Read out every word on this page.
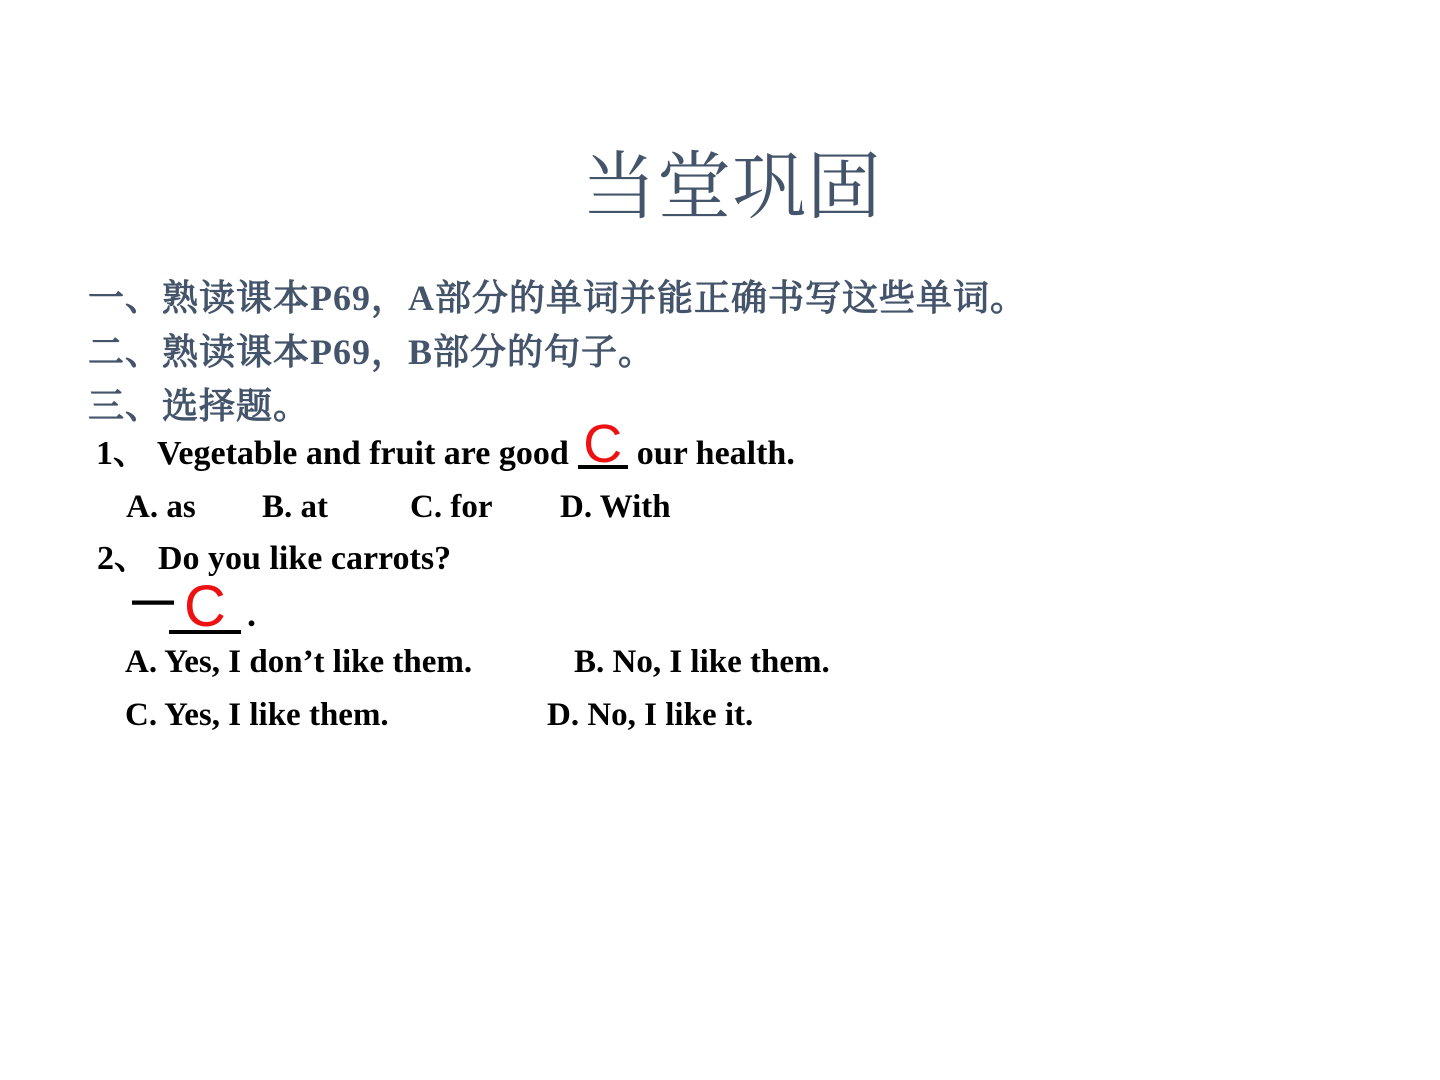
当堂巩固
一、熟读课本P69，A部分的单词并能正确书写这些单词。
二、熟读课本P69，B部分的句子。
三、选择题。
1、 Vegetable and fruit are good C our health.
A. as B. at C. for D. With
2、 Do you like carrots?
— C .
A. Yes, I don’t like them.	B. No, I like them.
C. Yes, I like them.	D. No, I like it.
